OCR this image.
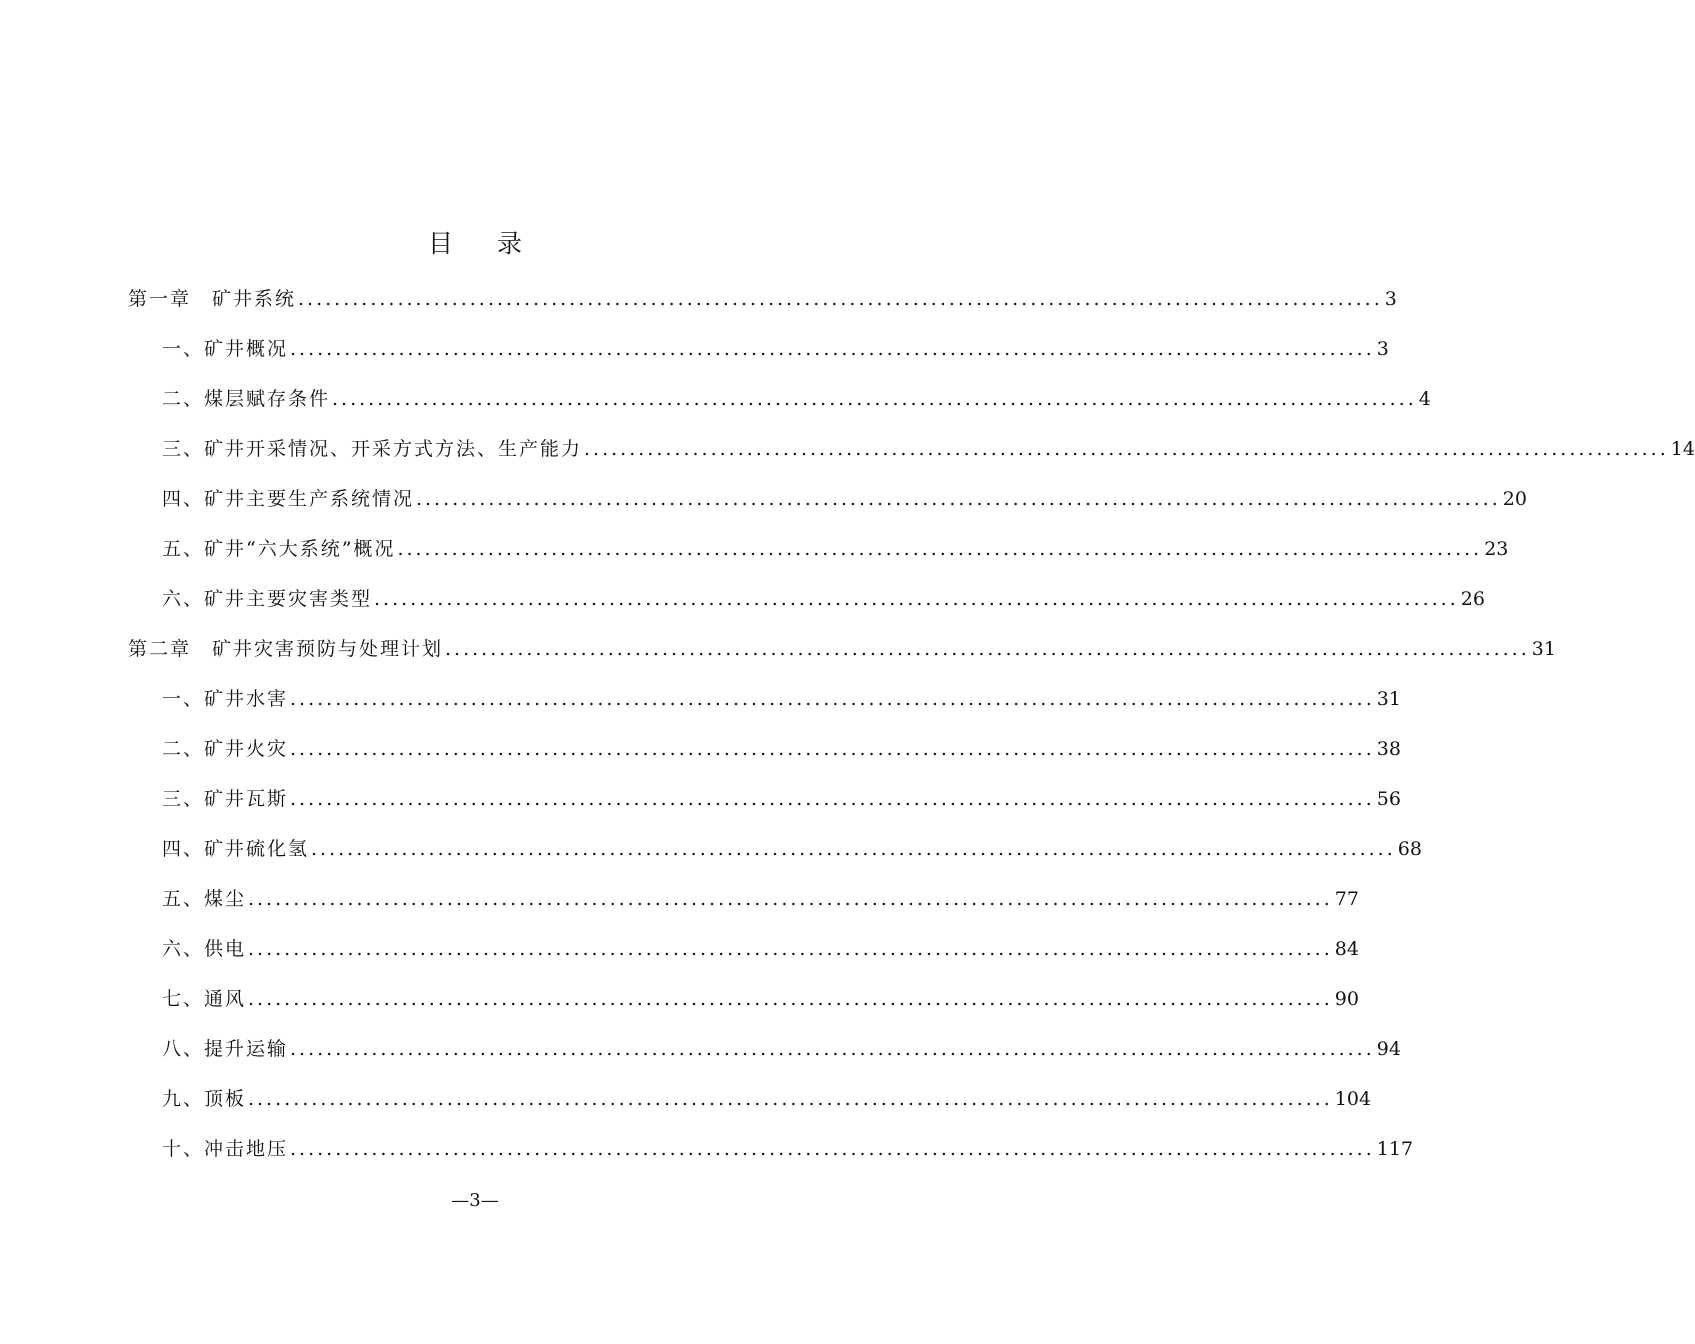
目 录
第一章　矿井系统 ........................................................................................................................ 3
一、矿井概况 ........................................................................................................................ 3
二、煤层赋存条件 ........................................................................................................................ 4
三、矿井开采情况、开采方式方法、生产能力 ........................................................................................................................ 14
四、矿井主要生产系统情况 ........................................................................................................................ 20
五、矿井“六大系统”概况 ........................................................................................................................ 23
六、矿井主要灾害类型 ........................................................................................................................ 26
第二章　矿井灾害预防与处理计划 ........................................................................................................................ 31
一、矿井水害 ........................................................................................................................ 31
二、矿井火灾 ........................................................................................................................ 38
三、矿井瓦斯 ........................................................................................................................ 56
四、矿井硫化氢 ........................................................................................................................ 68
五、煤尘 ........................................................................................................................ 77
六、供电 ........................................................................................................................ 84
七、通风 ........................................................................................................................ 90
八、提升运输 ........................................................................................................................ 94
九、顶板 ........................................................................................................................ 104
十、冲击地压 ........................................................................................................................ 117
—3—
